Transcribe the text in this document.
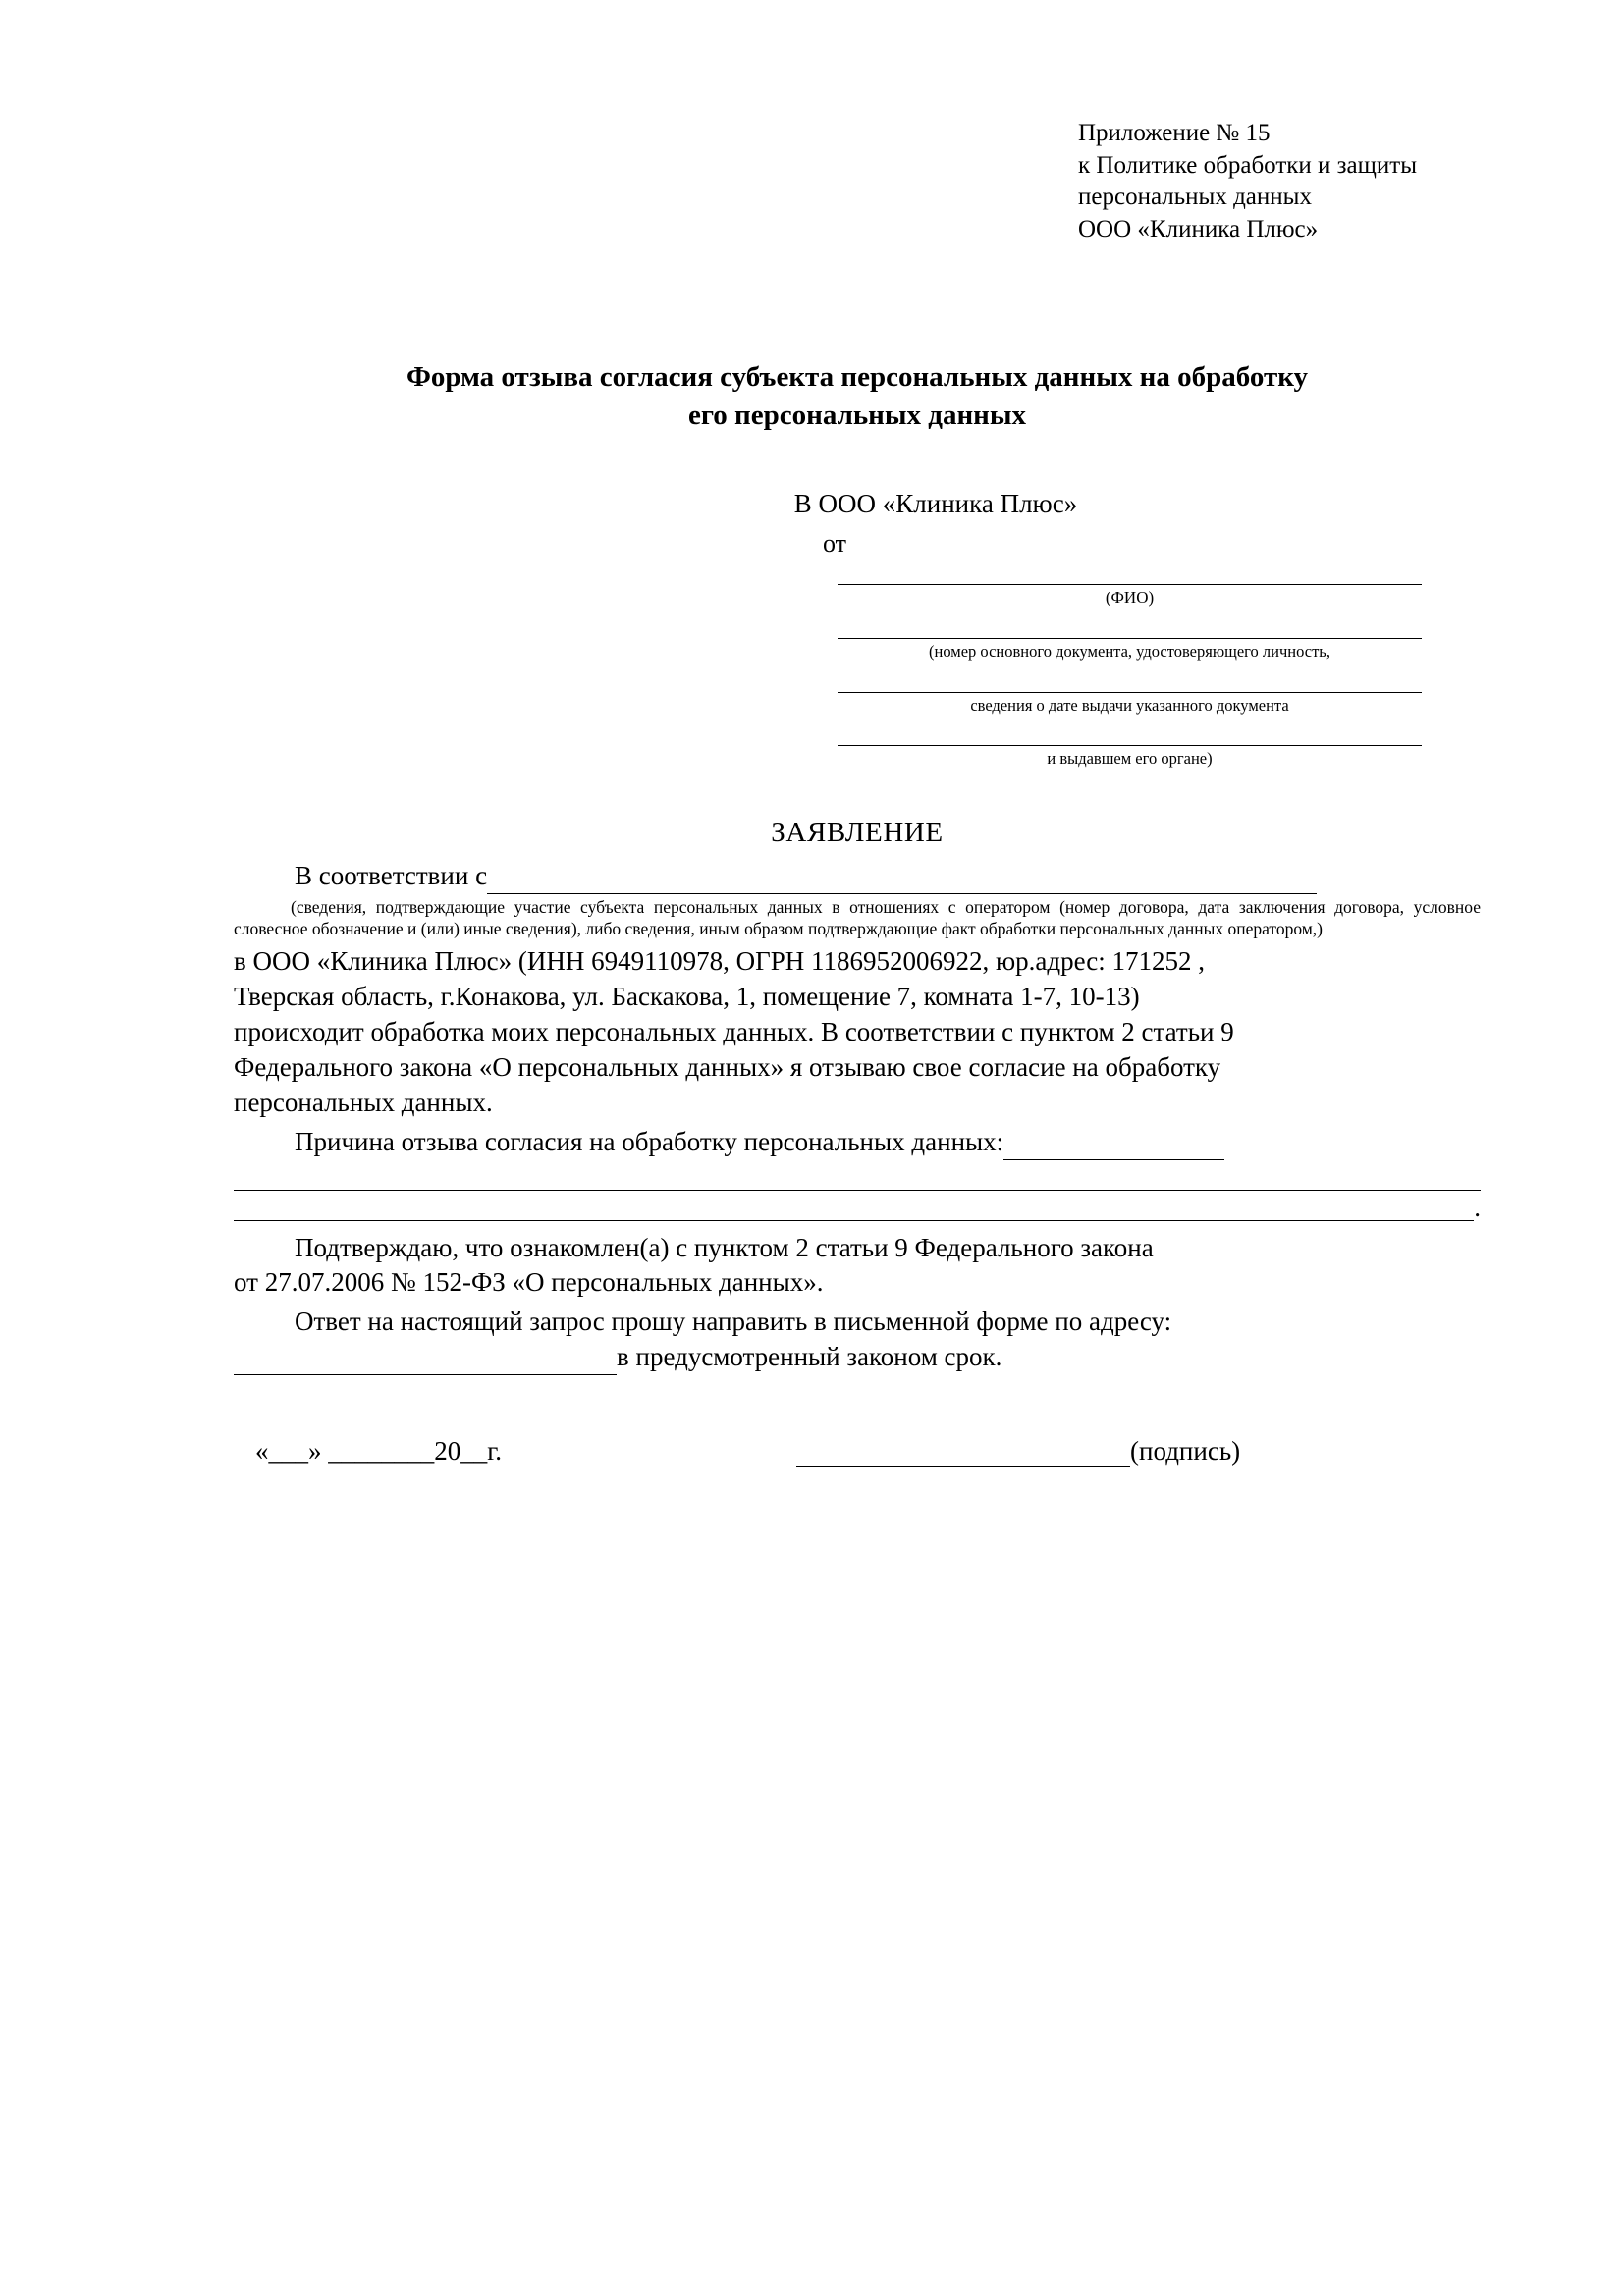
Приложение № 15
к Политике обработки и защиты
персональных данных
ООО «Клиника Плюс»
Форма отзыва согласия субъекта персональных данных на обработку
его персональных данных
В ООО «Клиника Плюс»
от
(ФИО)
(номер основного документа, удостоверяющего личность,
сведения о дате выдачи указанного документа
и выдавшем его органе)
ЗАЯВЛЕНИЕ
В соответствии с
(сведения, подтверждающие участие субъекта персональных данных в отношениях с оператором (номер договора, дата заключения договора, условное словесное обозначение и (или) иные сведения), либо сведения, иным образом подтверждающие факт обработки персональных данных оператором,)
в ООО «Клиника Плюс» (ИНН 6949110978, ОГРН 1186952006922, юр.адрес: 171252 ,
Тверская область, г.Конакова, ул. Баскакова, 1, помещение 7, комната 1-7, 10-13)
происходит обработка моих персональных данных. В соответствии с пунктом 2 статьи 9
Федерального закона «О персональных данных» я отзываю свое согласие на обработку
персональных данных.
Причина отзыва согласия на обработку персональных данных:
.
Подтверждаю, что ознакомлен(а) с пунктом 2 статьи 9 Федерального закона
от 27.07.2006 № 152-ФЗ «О персональных данных».
Ответ на настоящий запрос прошу направить в письменной форме по адресу:
в предусмотренный законом срок.
«___» ________20__г.	(подпись)
